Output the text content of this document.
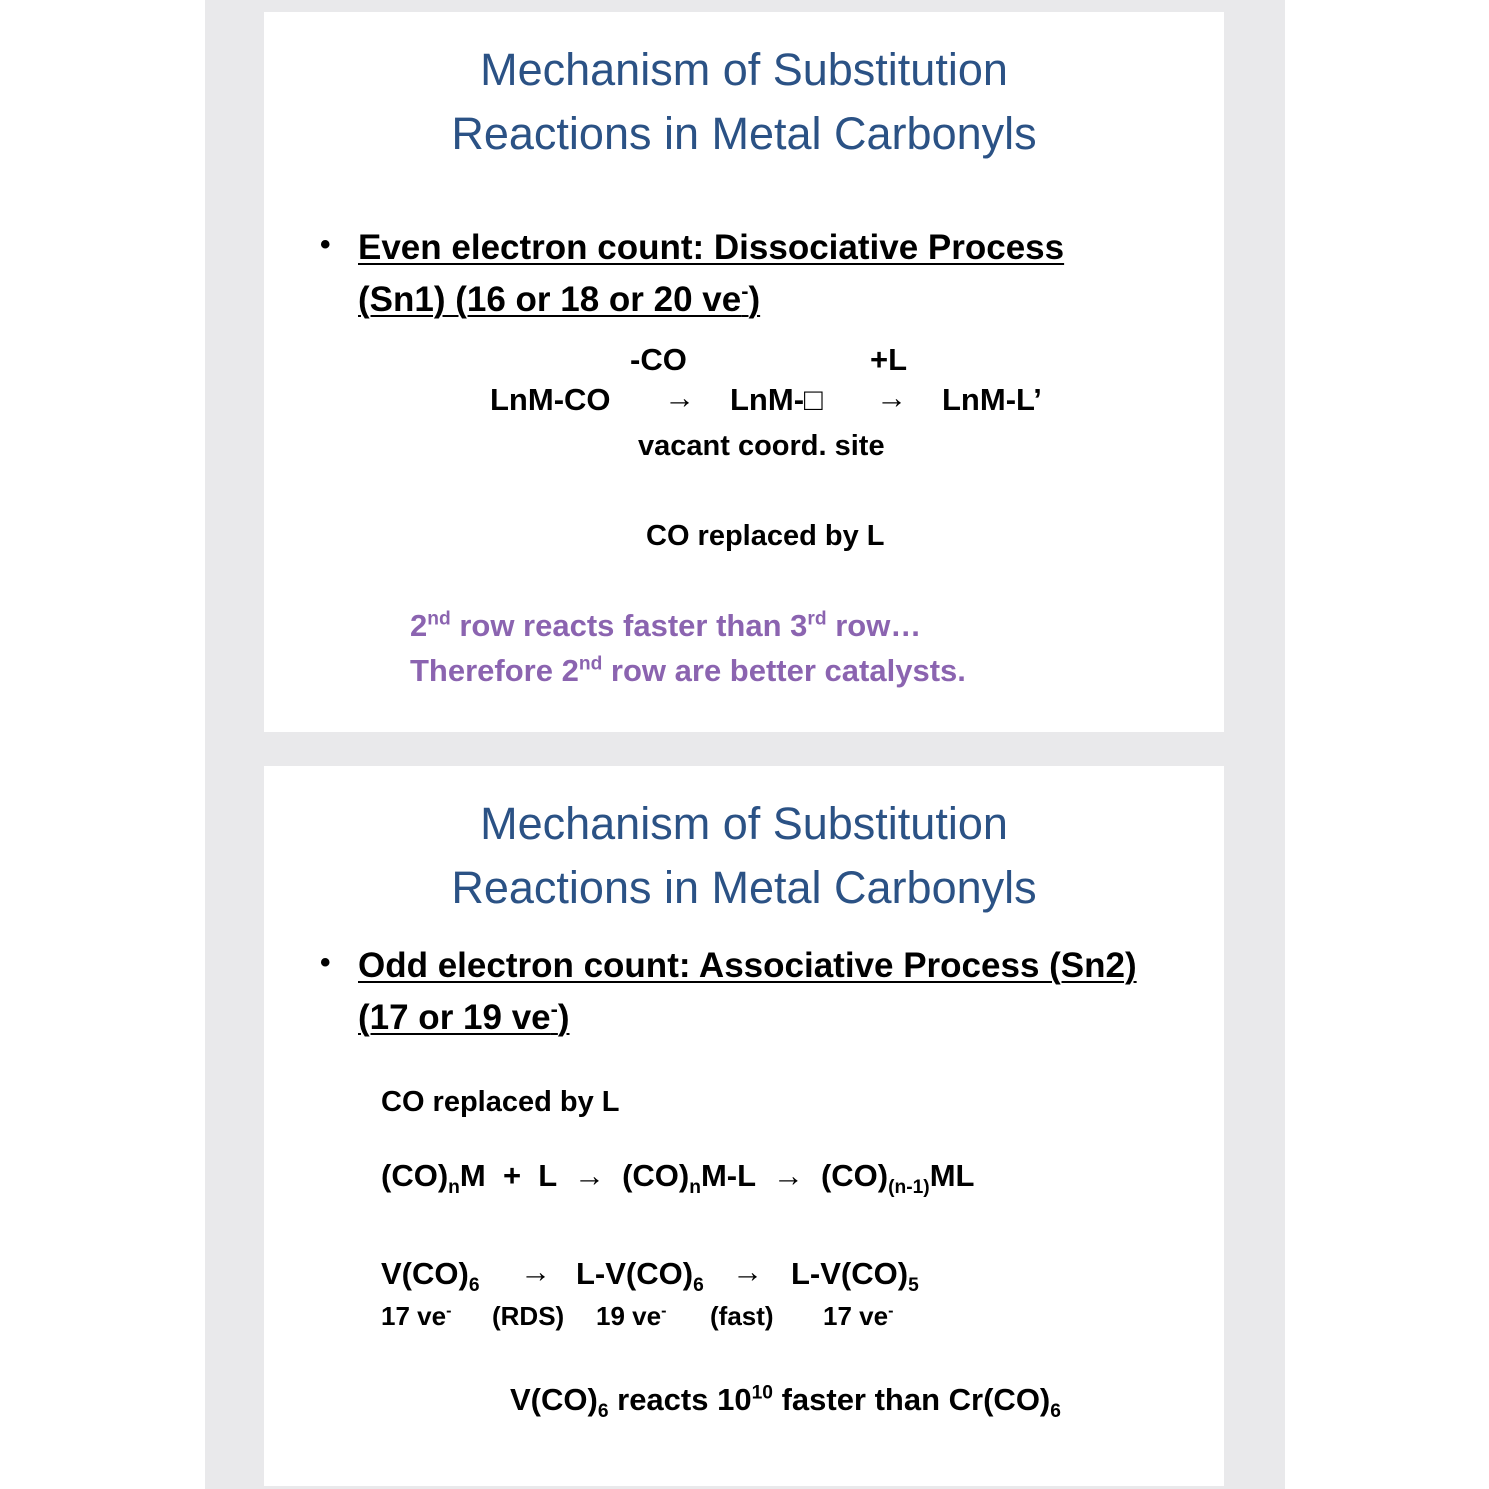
Mechanism of Substitution
Reactions in Metal Carbonyls
• Even electron count: Dissociative Process
(Sn1) (16 or 18 or 20 ve-)
-CO	+L
LnM-CO → LnM-□ → LnM-L’
vacant coord. site
CO replaced by L
2nd row reacts faster than 3rd row…
Therefore 2nd row are better catalysts.
Mechanism of Substitution
Reactions in Metal Carbonyls
• Odd electron count: Associative Process (Sn2)
(17 or 19 ve-)
CO replaced by L
$(CO)_nM + L \to (CO)_nM-L \to (CO)_{(n-1)}ML$
$V(CO)_6 \to L-V(CO)_6 \to L-V(CO)_5$
17 ve- (RDS) 19 ve- (fast) 17 ve-
$V(CO)_6$ reacts $10^{10}$ faster than $Cr(CO)_6$
